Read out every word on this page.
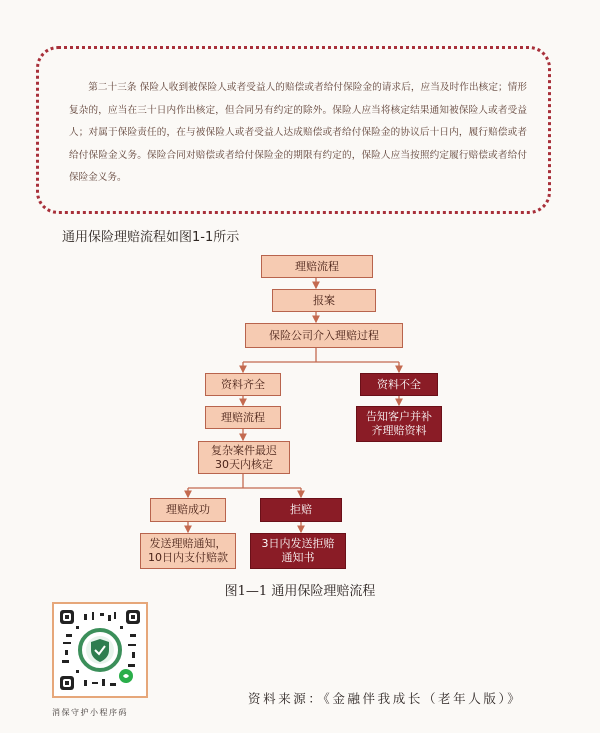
第二十三条 保险人收到被保险人或者受益人的赔偿或者给付保险金的请求后，应当及时作出核定；情形复杂的，应当在三十日内作出核定，但合同另有约定的除外。保险人应当将核定结果通知被保险人或者受益人；对属于保险责任的，在与被保险人或者受益人达成赔偿或者给付保险金的协议后十日内，履行赔偿或者给付保险金义务。保险合同对赔偿或者给付保险金的期限有约定的，保险人应当按照约定履行赔偿或者给付保险金义务。

通用保险理赔流程如图1-1所示
理赔流程
报案
保险公司介入理赔过程
资料齐全	资料不全
理赔流程	告知客户并补齐理赔资料
复杂案件最迟30天内核定
理赔成功	拒赔
发送理赔通知，10日内支付赔款
3日内发送拒赔通知书

图1—1 通用保险理赔流程

消保守护小程序码
资料来源：《金融伴我成长（老年人版）》
